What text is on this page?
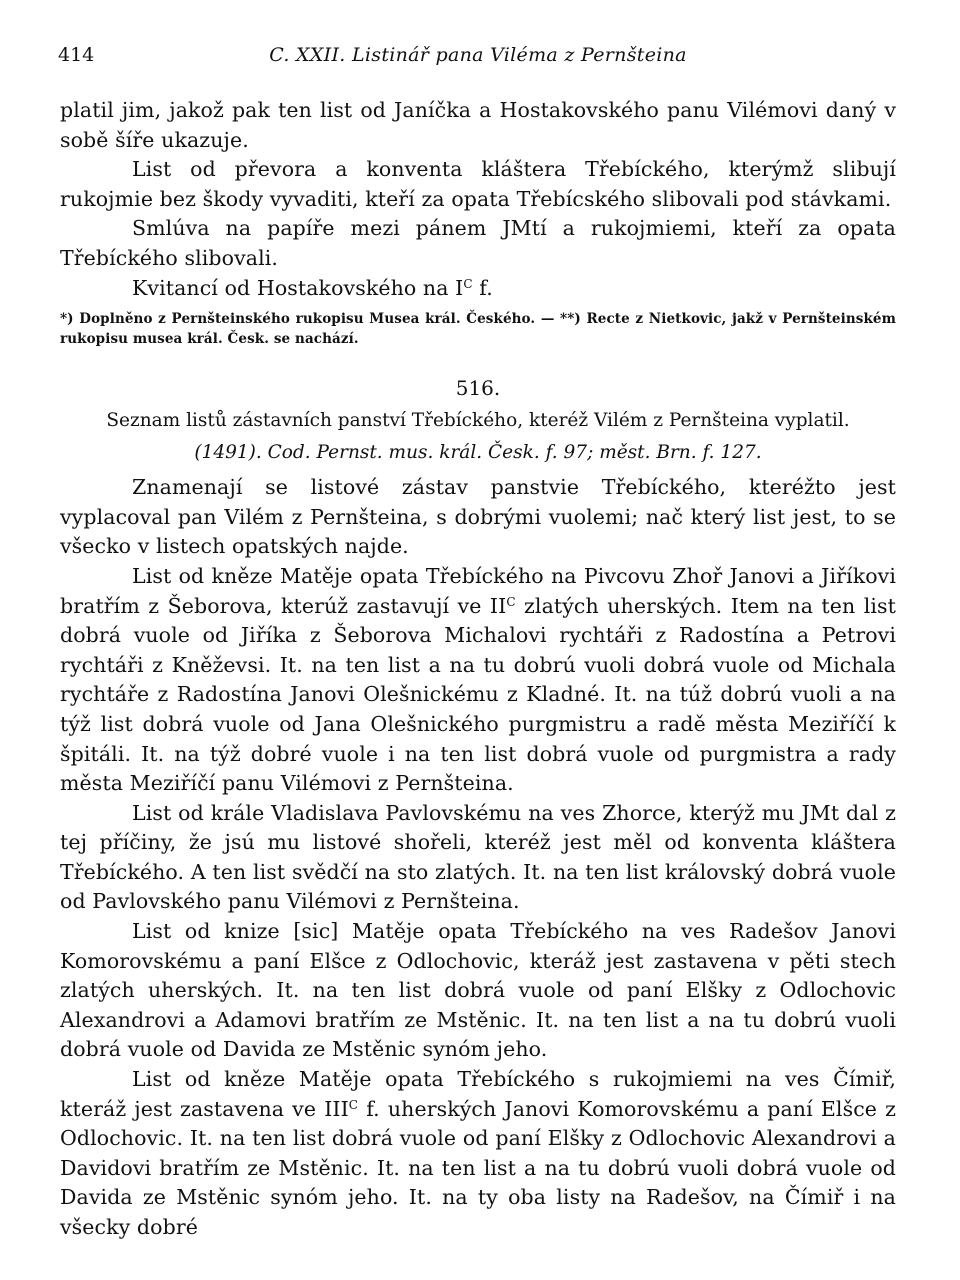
414	C. XXII. Listinář pana Viléma z Pernšteina

platil jim, jakož pak ten list od Janíčka a Hostakovského panu Vilémovi daný v sobě šíře ukazuje.

List od převora a konventa kláštera Třebíckého, kterýmž slibují rukojmie bez škody vyvaditi, kteří za opata Třebícského slibovali pod stávkami.

Smlúva na papíře mezi pánem JMtí a rukojmiemi, kteří za opata Třebíckého slibovali.

Kvitancí od Hostakovského na $I^C$ f.

*) Doplněno z Pernšteinského rukopisu Musea král. Českého. — **) Recte z Nietkovic, jakž v Pernšteinském rukopisu musea král. Česk. se nachází.
516.
Seznam listů zástavních panství Třebíckého, kteréž Vilém z Pernšteina vyplatil.
(1491). Cod. Pernst. mus. král. Česk. f. 97; měst. Brn. f. 127.

Znamenají se listové zástav panstvie Třebíckého, kteréžto jest vyplacoval pan Vilém z Pernšteina, s dobrými vuolemi; nač který list jest, to se všecko v listech opatských najde.

List od kněze Matěje opata Třebíckého na Pivcovu Zhoř Janovi a Jiříkovi bratřím z Šeborova, kterúž zastavují ve $II^C$ zlatých uherských. Item na ten list dobrá vuole od Jiříka z Šeborova Michalovi rychtáři z Radostína a Petrovi rychtáři z Kněževsi. It. na ten list a na tu dobrú vuoli dobrá vuole od Michala rychtáře z Radostína Janovi Olešnickému z Kladné. It. na túž dobrú vuoli a na týž list dobrá vuole od Jana Olešnického purgmistru a radě města Meziříčí k špitáli. It. na týž dobré vuole i na ten list dobrá vuole od purgmistra a rady města Meziříčí panu Vilémovi z Pernšteina.

List od krále Vladislava Pavlovskému na ves Zhorce, kterýž mu JMt dal z tej příčiny, že jsú mu listové shořeli, kteréž jest měl od konventa kláštera Třebíckého. A ten list svědčí na sto zlatých. It. na ten list královský dobrá vuole od Pavlovského panu Vilémovi z Pernšteina.

List od knize [sic] Matěje opata Třebíckého na ves Radešov Janovi Komorovskému a paní Elšce z Odlochovic, kteráž jest zastavena v pěti stech zlatých uherských. It. na ten list dobrá vuole od paní Elšky z Odlochovic Alexandrovi a Adamovi bratřím ze Mstěnic. It. na ten list a na tu dobrú vuoli dobrá vuole od Davida ze Mstěnic synóm jeho.

List od kněze Matěje opata Třebíckého s rukojmiemi na ves Čímiř, kteráž jest zastavena ve $III^C$ f. uherských Janovi Komorovskému a paní Elšce z Odlochovic. It. na ten list dobrá vuole od paní Elšky z Odlochovic Alexandrovi a Davidovi bratřím ze Mstěnic. It. na ten list a na tu dobrú vuoli dobrá vuole od Davida ze Mstěnic synóm jeho. It. na ty oba listy na Radešov, na Čímiř i na všecky dobré
